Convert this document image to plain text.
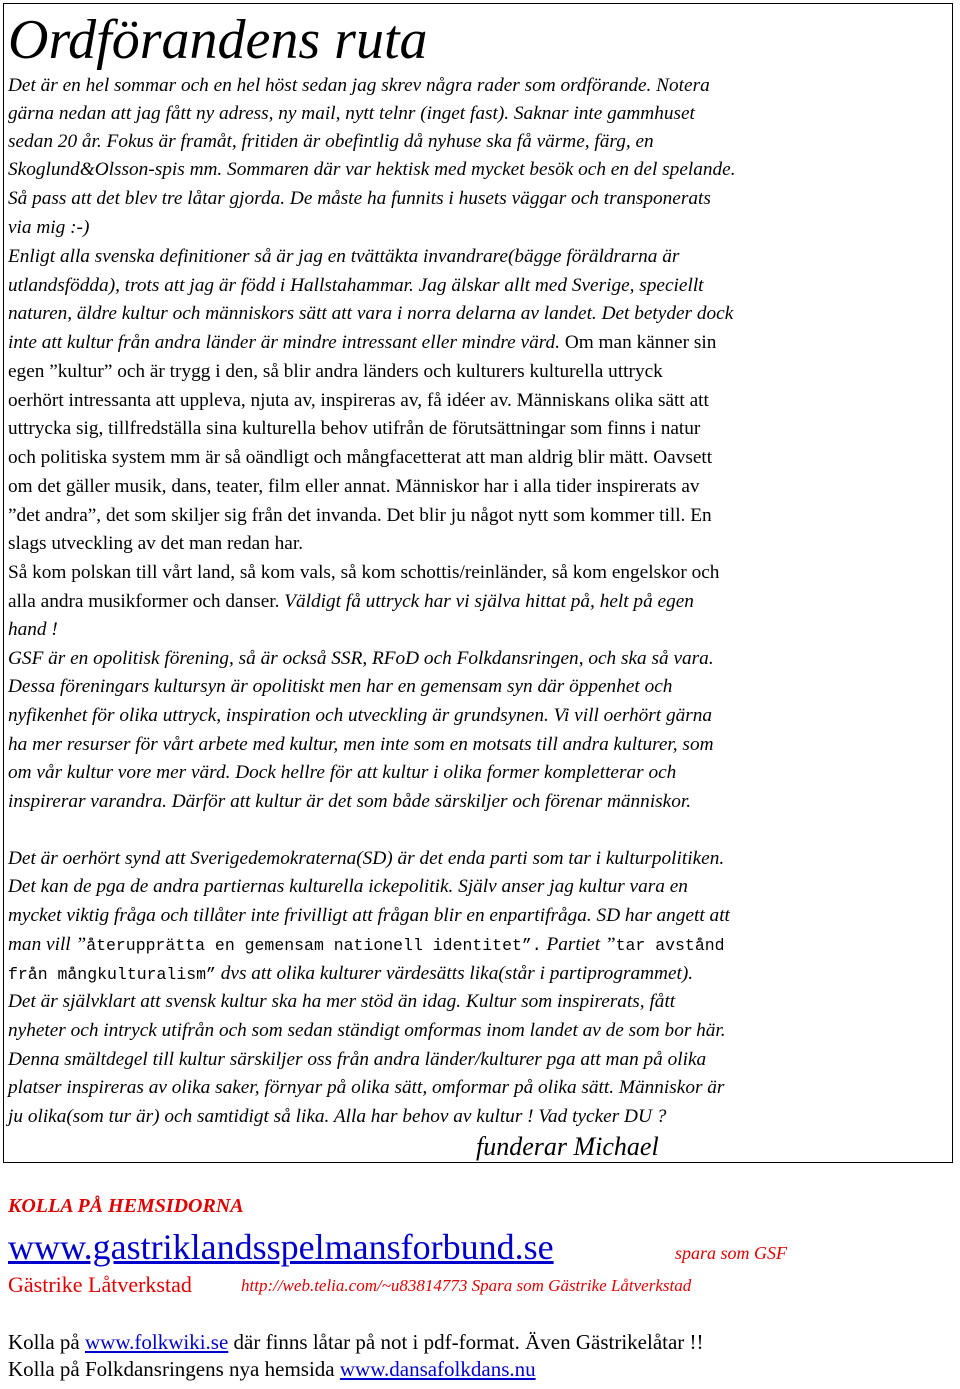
Ordförandens ruta
Det är en hel sommar och en hel höst sedan jag skrev några rader som ordförande. Notera
gärna nedan att jag fått ny adress, ny mail, nytt telnr (inget fast). Saknar inte gammhuset
sedan 20 år. Fokus är framåt, fritiden är obefintlig då nyhuse ska få värme, färg, en
Skoglund&Olsson-spis mm. Sommaren där var hektisk med mycket besök och en del spelande.
Så pass att det blev tre låtar gjorda. De måste ha funnits i husets väggar och transponerats
via mig :-)
Enligt alla svenska definitioner så är jag en tvättäkta invandrare(bägge föräldrarna är
utlandsfödda), trots att jag är född i Hallstahammar. Jag älskar allt med Sverige, speciellt
naturen, äldre kultur och människors sätt att vara i norra delarna av landet. Det betyder dock
inte att kultur från andra länder är mindre intressant eller mindre värd. Om man känner sin
egen ”kultur” och är trygg i den, så blir andra länders och kulturers kulturella uttryck
oerhört intressanta att uppleva, njuta av, inspireras av, få idéer av. Människans olika sätt att
uttrycka sig, tillfredställa sina kulturella behov utifrån de förutsättningar som finns i natur
och politiska system mm är så oändligt och mångfacetterat att man aldrig blir mätt. Oavsett
om det gäller musik, dans, teater, film eller annat. Människor har i alla tider inspirerats av
”det andra”, det som skiljer sig från det invanda. Det blir ju något nytt som kommer till. En
slags utveckling av det man redan har.
Så kom polskan till vårt land, så kom vals, så kom schottis/reinländer, så kom engelskor och
alla andra musikformer och danser. Väldigt få uttryck har vi själva hittat på, helt på egen
hand !
GSF är en opolitisk förening, så är också SSR, RFoD och Folkdansringen, och ska så vara.
Dessa föreningars kultursyn är opolitiskt men har en gemensam syn där öppenhet och
nyfikenhet för olika uttryck, inspiration och utveckling är grundsynen. Vi vill oerhört gärna
ha mer resurser för vårt arbete med kultur, men inte som en motsats till andra kulturer, som
om vår kultur vore mer värd. Dock hellre för att kultur i olika former kompletterar och
inspirerar varandra. Därför att kultur är det som både särskiljer och förenar människor.
Det är oerhört synd att Sverigedemokraterna(SD) är det enda parti som tar i kulturpolitiken.
Det kan de pga de andra partiernas kulturella ickepolitik. Själv anser jag kultur vara en
mycket viktig fråga och tillåter inte frivilligt att frågan blir en enpartifråga. SD har angett att
man vill ”återupprätta en gemensam nationell identitet”. Partiet ”tar avstånd
från mångkulturalism” dvs att olika kulturer värdesätts lika(står i partiprogrammet).
Det är självklart att svensk kultur ska ha mer stöd än idag. Kultur som inspirerats, fått
nyheter och intryck utifrån och som sedan ständigt omformas inom landet av de som bor här.
Denna smältdegel till kultur särskiljer oss från andra länder/kulturer pga att man på olika
platser inspireras av olika saker, förnyar på olika sätt, omformar på olika sätt. Människor är
ju olika(som tur är) och samtidigt så lika. Alla har behov av kultur ! Vad tycker DU ?
funderar Michael
KOLLA PÅ HEMSIDORNA
www.gastriklandsspelmansforbund.se	spara som GSF
Gästrike Låtverkstad	http://web.telia.com/~u83814773 Spara som Gästrike Låtverkstad
Kolla på www.folkwiki.se där finns låtar på not i pdf-format. Även Gästrikelåtar !!
Kolla på Folkdansringens nya hemsida www.dansafolkdans.nu
